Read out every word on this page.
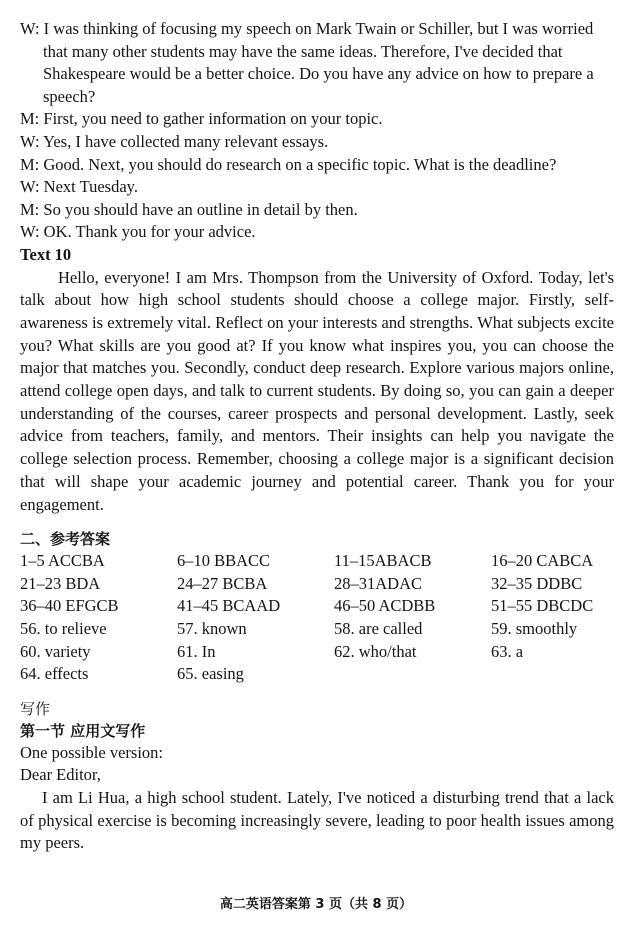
W: I was thinking of focusing my speech on Mark Twain or Schiller, but I was worried that many other students may have the same ideas. Therefore, I've decided that Shakespeare would be a better choice. Do you have any advice on how to prepare a speech?

M: First, you need to gather information on your topic.

W: Yes, I have collected many relevant essays.

M: Good. Next, you should do research on a specific topic. What is the deadline?

W: Next Tuesday.

M: So you should have an outline in detail by then.

W: OK. Thank you for your advice.

Text 10

Hello, everyone! I am Mrs. Thompson from the University of Oxford. Today, let's talk about how high school students should choose a college major. Firstly, self-awareness is extremely vital. Reflect on your interests and strengths. What subjects excite you? What skills are you good at? If you know what inspires you, you can choose the major that matches you. Secondly, conduct deep research. Explore various majors online, attend college open days, and talk to current students. By doing so, you can gain a deeper understanding of the courses, career prospects and personal development. Lastly, seek advice from teachers, family, and mentors. Their insights can help you navigate the college selection process. Remember, choosing a college major is a significant decision that will shape your academic journey and potential career. Thank you for your engagement.

二、参考答案

1–5 ACCBA	6–10 BBACC	11–15ABACB	16–20 CABCA
21–23 BDA	24–27 BCBA	28–31ADAC	32–35 DDBC
36–40 EFGCB	41–45 BCAAD	46–50 ACDBB	51–55 DBCDC
56. to relieve	57. known	58. are called	59. smoothly
60. variety	61. In	62. who/that	63. a
64. effects	65. easing		

写作

第一节 应用文写作

One possible version:

Dear Editor,

I am Li Hua, a high school student. Lately, I've noticed a disturbing trend that a lack of physical exercise is becoming increasingly severe, leading to poor health issues among my peers.

高二英语答案第 3 页（共 8 页）
